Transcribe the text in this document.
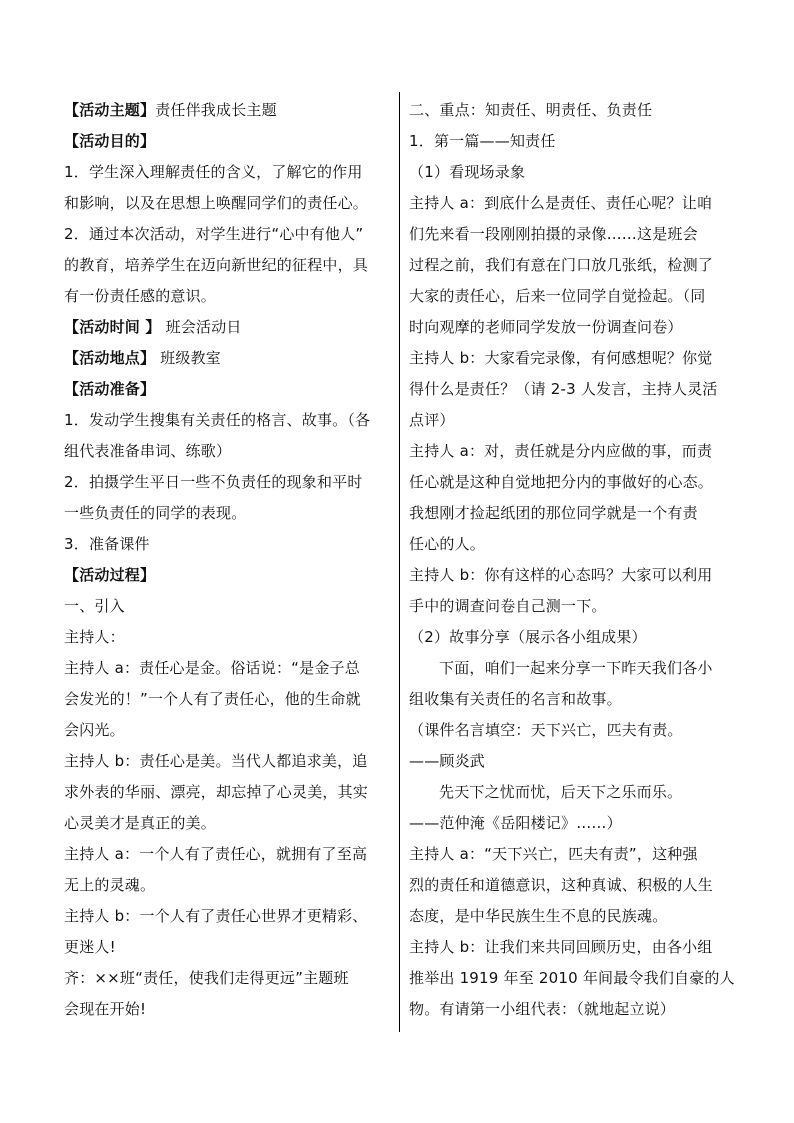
【活动主题】责任伴我成长主题
【活动目的】
1．学生深入理解责任的含义，了解它的作用
和影响，以及在思想上唤醒同学们的责任心。
2．通过本次活动，对学生进行“心中有他人”
的教育，培养学生在迈向新世纪的征程中，具
有一份责任感的意识。
【活动时间 】 班会活动日
【活动地点】 班级教室
【活动准备】
1．发动学生搜集有关责任的格言、故事。（各
组代表准备串词、练歌）
2．拍摄学生平日一些不负责任的现象和平时
一些负责任的同学的表现。
3．准备课件
【活动过程】
一、引入
主持人：
主持人 a：责任心是金。俗话说：“是金子总
会发光的！”一个人有了责任心，他的生命就
会闪光。
主持人 b：责任心是美。当代人都追求美，追
求外表的华丽、漂亮，却忘掉了心灵美，其实
心灵美才是真正的美。
主持人 a：一个人有了责任心，就拥有了至高
无上的灵魂。
主持人 b：一个人有了责任心世界才更精彩、
更迷人!
齐：××班“责任，使我们走得更远”主题班
会现在开始!
二、重点：知责任、明责任、负责任
1．第一篇——知责任
（1）看现场录象
主持人 a：到底什么是责任、责任心呢？让咱
们先来看一段刚刚拍摄的录像……这是班会
过程之前，我们有意在门口放几张纸，检测了
大家的责任心，后来一位同学自觉捡起。（同
时向观摩的老师同学发放一份调查问卷）
主持人 b：大家看完录像，有何感想呢？你觉
得什么是责任？（请 2-3 人发言，主持人灵活
点评）
主持人 a：对，责任就是分内应做的事，而责
任心就是这种自觉地把分内的事做好的心态。
我想刚才捡起纸团的那位同学就是一个有责
任心的人。
主持人 b：你有这样的心态吗？大家可以利用
手中的调查问卷自己测一下。
（2）故事分享（展示各小组成果）
下面，咱们一起来分享一下昨天我们各小
组收集有关责任的名言和故事。
（课件名言填空：天下兴亡，匹夫有责。
——顾炎武
先天下之忧而忧，后天下之乐而乐。
——范仲淹《岳阳楼记》……）
主持人 a：“天下兴亡，匹夫有责”，这种强
烈的责任和道德意识，这种真诚、积极的人生
态度，是中华民族生生不息的民族魂。
主持人 b：让我们来共同回顾历史，由各小组
推举出 1919 年至 2010 年间最令我们自豪的人
物。有请第一小组代表：（就地起立说）
